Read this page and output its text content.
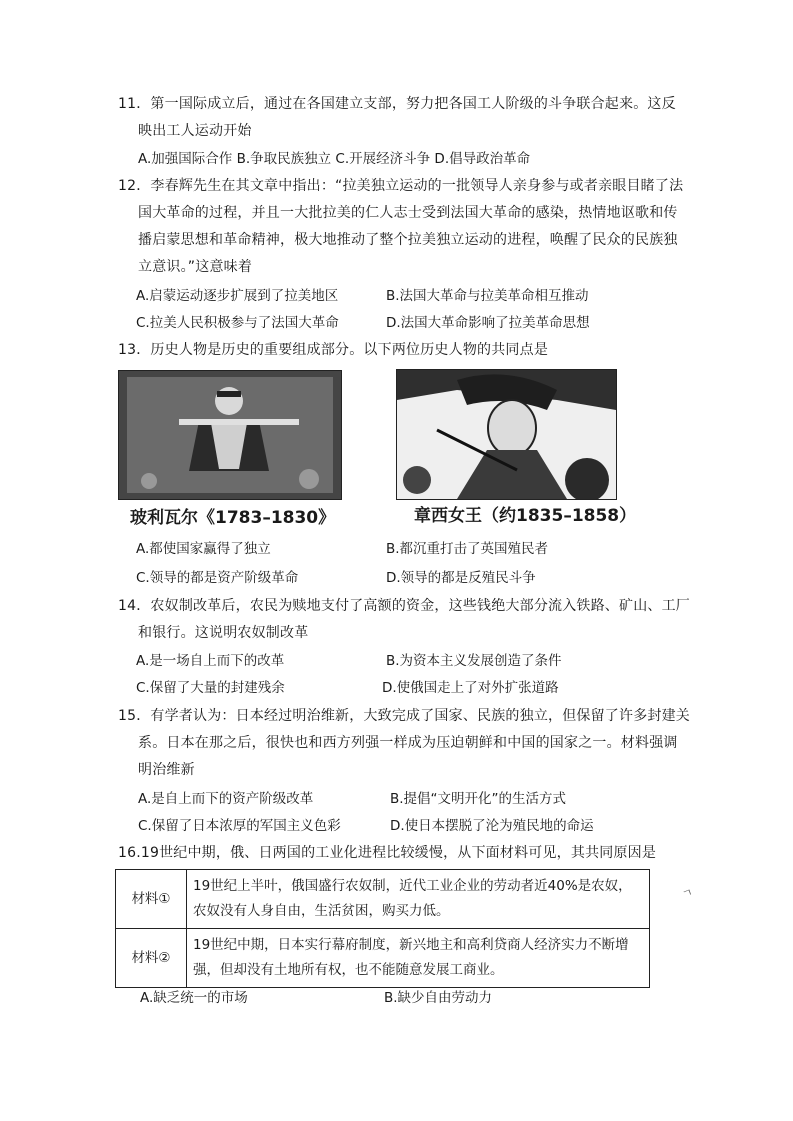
11．第一国际成立后，通过在各国建立支部，努力把各国工人阶级的斗争联合起来。这反
映出工人运动开始
A.加强国际合作 B.争取民族独立 C.开展经济斗争 D.倡导政治革命
12．李春辉先生在其文章中指出：“拉美独立运动的一批领导人亲身参与或者亲眼目睹了法
国大革命的过程，并且一大批拉美的仁人志士受到法国大革命的感染，热情地讴歌和传
播启蒙思想和革命精神，极大地推动了整个拉美独立运动的进程，唤醒了民众的民族独
立意识。”这意味着
A.启蒙运动逐步扩展到了拉美地区	B.法国大革命与拉美革命相互推动
C.拉美人民积极参与了法国大革命	D.法国大革命影响了拉美革命思想
13．历史人物是历史的重要组成部分。以下两位历史人物的共同点是
玻利瓦尔《1783–1830》	章西女王（约1835–1858）
A.都使国家赢得了独立	B.都沉重打击了英国殖民者
C.领导的都是资产阶级革命	D.领导的都是反殖民斗争
14．农奴制改革后，农民为赎地支付了高额的资金，这些钱绝大部分流入铁路、矿山、工厂
和银行。这说明农奴制改革
A.是一场自上而下的改革	B.为资本主义发展创造了条件
C.保留了大量的封建残余	D.使俄国走上了对外扩张道路
15．有学者认为：日本经过明治维新，大致完成了国家、民族的独立，但保留了许多封建关
系。日本在那之后，很快也和西方列强一样成为压迫朝鲜和中国的国家之一。材料强调
明治维新
A.是自上而下的资产阶级改革	B.提倡“文明开化”的生活方式
C.保留了日本浓厚的军国主义色彩	D.使日本摆脱了沦为殖民地的命运
16.19世纪中期，俄、日两国的工业化进程比较缓慢，从下面材料可见，其共同原因是
材料①	19世纪上半叶，俄国盛行农奴制，近代工业企业的劳动者近40%是农奴，
农奴没有人身自由，生活贫困，购买力低。

材料②	19世纪中期，日本实行幕府制度，新兴地主和高利贷商人经济实力不断增
强，但却没有土地所有权，也不能随意发展工商业。
A.缺乏统一的市场	B.缺少自由劳动力
ㄱ
